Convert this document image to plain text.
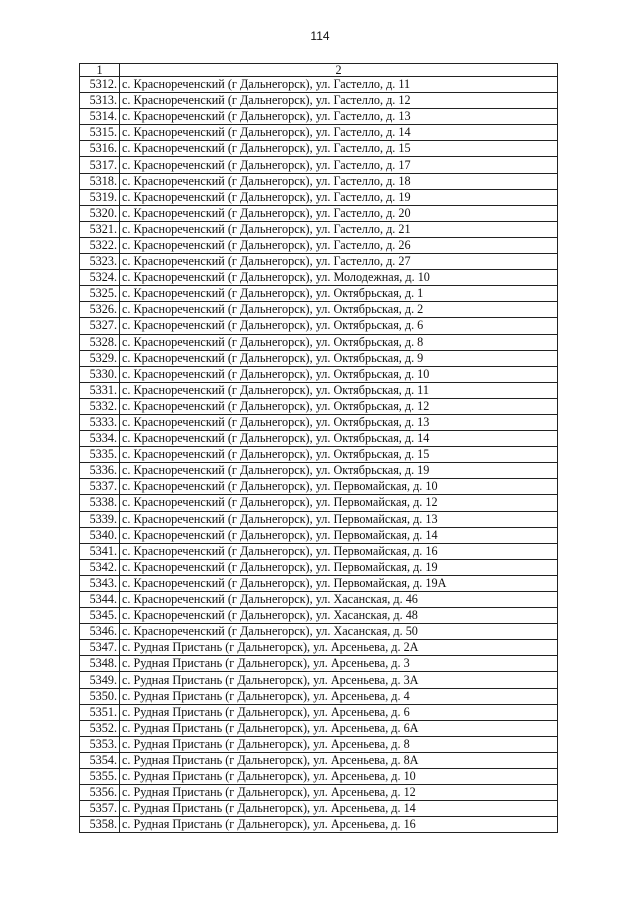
114
1	2
5312.	с. Краснореченский (г Дальнегорск), ул. Гастелло, д. 11
5313.	с. Краснореченский (г Дальнегорск), ул. Гастелло, д. 12
5314.	с. Краснореченский (г Дальнегорск), ул. Гастелло, д. 13
5315.	с. Краснореченский (г Дальнегорск), ул. Гастелло, д. 14
5316.	с. Краснореченский (г Дальнегорск), ул. Гастелло, д. 15
5317.	с. Краснореченский (г Дальнегорск), ул. Гастелло, д. 17
5318.	с. Краснореченский (г Дальнегорск), ул. Гастелло, д. 18
5319.	с. Краснореченский (г Дальнегорск), ул. Гастелло, д. 19
5320.	с. Краснореченский (г Дальнегорск), ул. Гастелло, д. 20
5321.	с. Краснореченский (г Дальнегорск), ул. Гастелло, д. 21
5322.	с. Краснореченский (г Дальнегорск), ул. Гастелло, д. 26
5323.	с. Краснореченский (г Дальнегорск), ул. Гастелло, д. 27
5324.	с. Краснореченский (г Дальнегорск), ул. Молодежная, д. 10
5325.	с. Краснореченский (г Дальнегорск), ул. Октябрьская, д. 1
5326.	с. Краснореченский (г Дальнегорск), ул. Октябрьская, д. 2
5327.	с. Краснореченский (г Дальнегорск), ул. Октябрьская, д. 6
5328.	с. Краснореченский (г Дальнегорск), ул. Октябрьская, д. 8
5329.	с. Краснореченский (г Дальнегорск), ул. Октябрьская, д. 9
5330.	с. Краснореченский (г Дальнегорск), ул. Октябрьская, д. 10
5331.	с. Краснореченский (г Дальнегорск), ул. Октябрьская, д. 11
5332.	с. Краснореченский (г Дальнегорск), ул. Октябрьская, д. 12
5333.	с. Краснореченский (г Дальнегорск), ул. Октябрьская, д. 13
5334.	с. Краснореченский (г Дальнегорск), ул. Октябрьская, д. 14
5335.	с. Краснореченский (г Дальнегорск), ул. Октябрьская, д. 15
5336.	с. Краснореченский (г Дальнегорск), ул. Октябрьская, д. 19
5337.	с. Краснореченский (г Дальнегорск), ул. Первомайская, д. 10
5338.	с. Краснореченский (г Дальнегорск), ул. Первомайская, д. 12
5339.	с. Краснореченский (г Дальнегорск), ул. Первомайская, д. 13
5340.	с. Краснореченский (г Дальнегорск), ул. Первомайская, д. 14
5341.	с. Краснореченский (г Дальнегорск), ул. Первомайская, д. 16
5342.	с. Краснореченский (г Дальнегорск), ул. Первомайская, д. 19
5343.	с. Краснореченский (г Дальнегорск), ул. Первомайская, д. 19А
5344.	с. Краснореченский (г Дальнегорск), ул. Хасанская, д. 46
5345.	с. Краснореченский (г Дальнегорск), ул. Хасанская, д. 48
5346.	с. Краснореченский (г Дальнегорск), ул. Хасанская, д. 50
5347.	с. Рудная Пристань (г Дальнегорск), ул. Арсеньева, д. 2А
5348.	с. Рудная Пристань (г Дальнегорск), ул. Арсеньева, д. 3
5349.	с. Рудная Пристань (г Дальнегорск), ул. Арсеньева, д. 3А
5350.	с. Рудная Пристань (г Дальнегорск), ул. Арсеньева, д. 4
5351.	с. Рудная Пристань (г Дальнегорск), ул. Арсеньева, д. 6
5352.	с. Рудная Пристань (г Дальнегорск), ул. Арсеньева, д. 6А
5353.	с. Рудная Пристань (г Дальнегорск), ул. Арсеньева, д. 8
5354.	с. Рудная Пристань (г Дальнегорск), ул. Арсеньева, д. 8А
5355.	с. Рудная Пристань (г Дальнегорск), ул. Арсеньева, д. 10
5356.	с. Рудная Пристань (г Дальнегорск), ул. Арсеньева, д. 12
5357.	с. Рудная Пристань (г Дальнегорск), ул. Арсеньева, д. 14
5358.	с. Рудная Пристань (г Дальнегорск), ул. Арсеньева, д. 16
